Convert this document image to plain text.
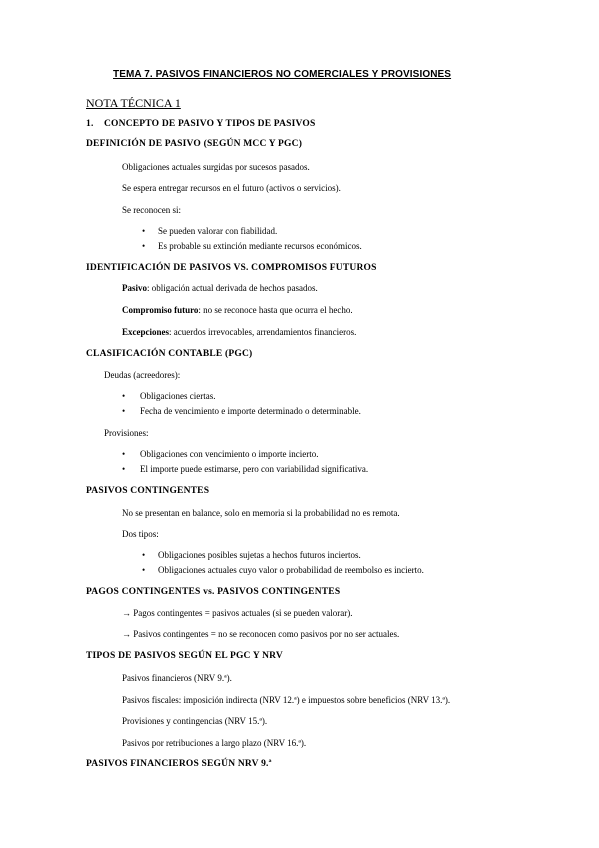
TEMA 7. PASIVOS FINANCIEROS NO COMERCIALES Y PROVISIONES
NOTA TÉCNICA 1
1. CONCEPTO DE PASIVO Y TIPOS DE PASIVOS
DEFINICIÓN DE PASIVO (SEGÚN MCC Y PGC)
Obligaciones actuales surgidas por sucesos pasados.
Se espera entregar recursos en el futuro (activos o servicios).
Se reconocen si:
• Se pueden valorar con fiabilidad.
• Es probable su extinción mediante recursos económicos.
IDENTIFICACIÓN DE PASIVOS VS. COMPROMISOS FUTUROS
Pasivo: obligación actual derivada de hechos pasados.
Compromiso futuro: no se reconoce hasta que ocurra el hecho.
Excepciones: acuerdos irrevocables, arrendamientos financieros.
CLASIFICACIÓN CONTABLE (PGC)
Deudas (acreedores):
• Obligaciones ciertas.
• Fecha de vencimiento e importe determinado o determinable.
Provisiones:
• Obligaciones con vencimiento o importe incierto.
• El importe puede estimarse, pero con variabilidad significativa.
PASIVOS CONTINGENTES
No se presentan en balance, solo en memoria si la probabilidad no es remota.
Dos tipos:
• Obligaciones posibles sujetas a hechos futuros inciertos.
• Obligaciones actuales cuyo valor o probabilidad de reembolso es incierto.
PAGOS CONTINGENTES vs. PASIVOS CONTINGENTES
→ Pagos contingentes = pasivos actuales (si se pueden valorar).
→ Pasivos contingentes = no se reconocen como pasivos por no ser actuales.
TIPOS DE PASIVOS SEGÚN EL PGC Y NRV
Pasivos financieros (NRV 9.ª).
Pasivos fiscales: imposición indirecta (NRV 12.ª) e impuestos sobre beneficios (NRV 13.ª).
Provisiones y contingencias (NRV 15.ª).
Pasivos por retribuciones a largo plazo (NRV 16.ª).
PASIVOS FINANCIEROS SEGÚN NRV 9.ª
